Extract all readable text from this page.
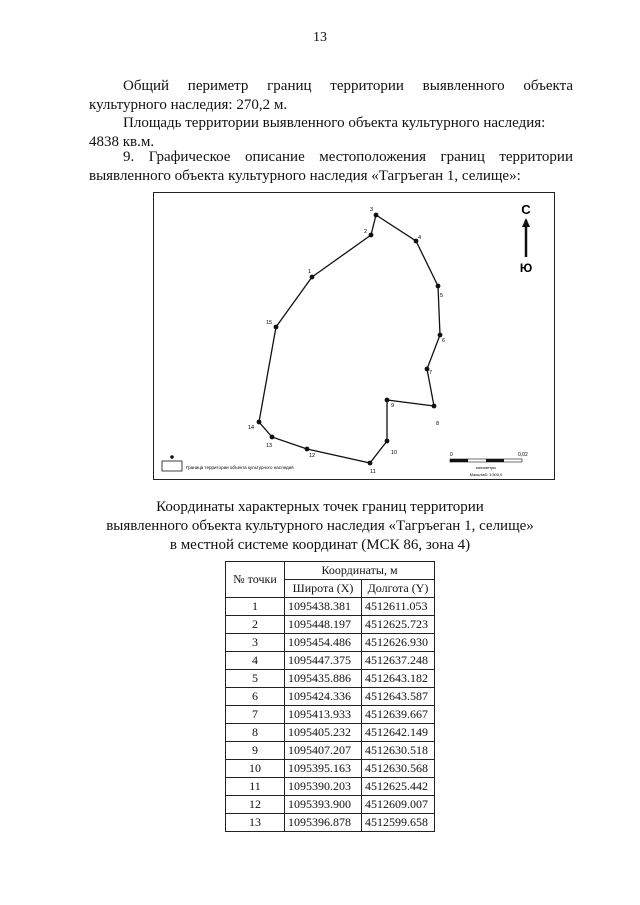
13

Общий периметр границ территории выявленного объекта
культурного наследия: 270,2 м.

Площадь территории выявленного объекта культурного наследия:
4838 кв.м.

9. Графическое описание местоположения границ территории
выявленного объекта культурного наследия «Тагръеган 1, селище»:

1
2
3
4
5
6
7
8
9
10
11
12
13
14
15
С
Ю
Граница территории объекта культурного наследия
0	0,02
километры
Масштаб: 1:500,0

Координаты характерных точек границ территории

выявленного объекта культурного наследия «Тагръеган 1, селище»

в местной системе координат (МСК 86, зона 4)

№ точки	Координаты, м	
	Широта (X)	Долгота (Y)
1	1095438.381	4512611.053
2	1095448.197	4512625.723
3	1095454.486	4512626.930
4	1095447.375	4512637.248
5	1095435.886	4512643.182
6	1095424.336	4512643.587
7	1095413.933	4512639.667
8	1095405.232	4512642.149
9	1095407.207	4512630.518
10	1095395.163	4512630.568
11	1095390.203	4512625.442
12	1095393.900	4512609.007
13	1095396.878	4512599.658
